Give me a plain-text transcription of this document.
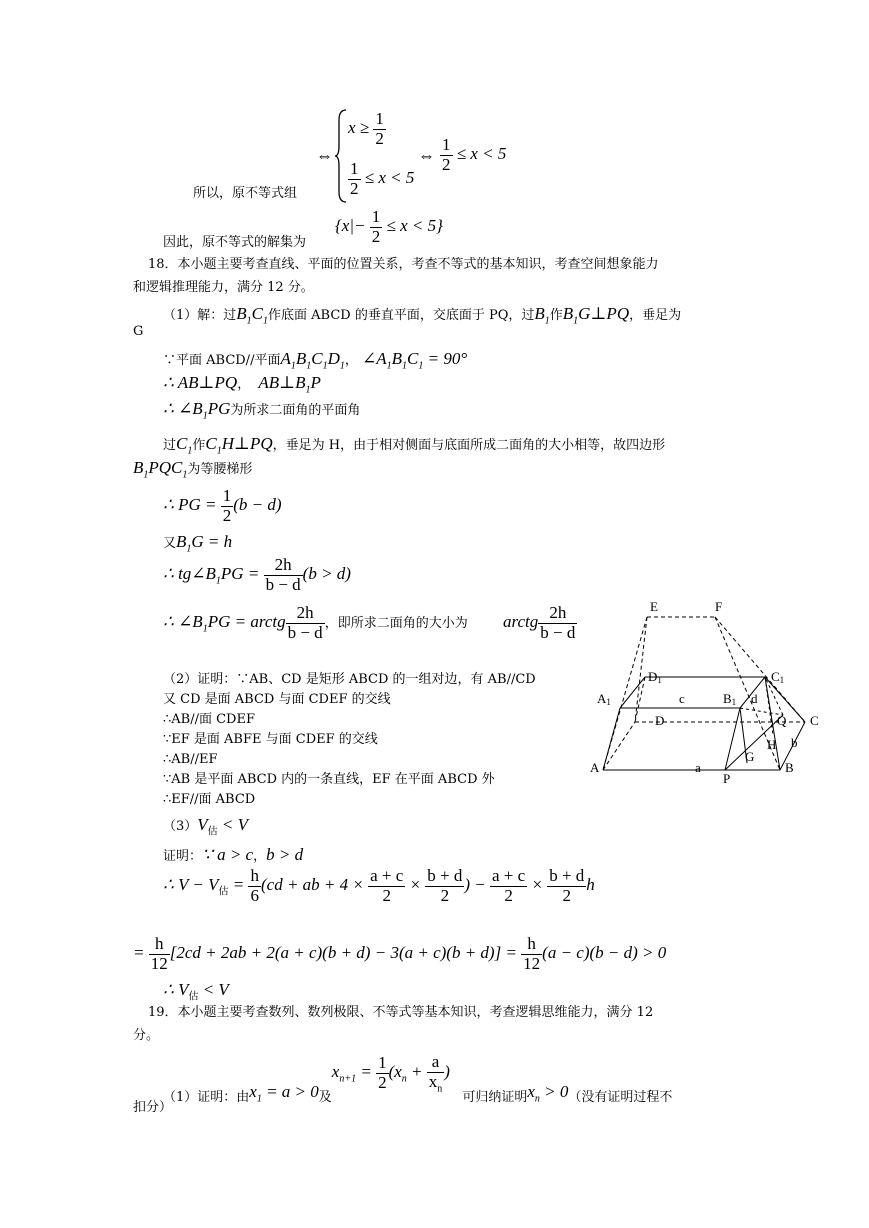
⇔
$x \ge \frac{1}{2}$
$\frac{1}{2} \le x < 5$
⇔ $\frac{1}{2} \le x < 5$
所以，原不等式组
$\{x|- \frac{1}{2} \le x < 5\}$
因此，原不等式的解集为
18．本小题主要考查直线、平面的位置关系，考查不等式的基本知识，考查空间想象能力
和逻辑推理能力，满分 12 分。
（1）解：过$B_1C_1$作底面 ABCD 的垂直平面，交底面于 PQ，过$B_1$作$B_1G\perp PQ$，垂足为
G
∵平面 ABCD//平面$A_1B_1C_1D_1$， $\angle A_1B_1C_1 = 90^\circ$
∴ AB⊥PQ，  $AB\perp B_1P$
∴ $\angle B_1PG$为所求二面角的平面角
过$C_1$作$C_1H\perp PQ$，垂足为 H，由于相对侧面与底面所成二面角的大小相等，故四边形
$B_1PQC_1$为等腰梯形
∴ PG = $\frac{1}{2} (b - d)$
又$B_1G = h$
∴ $tg\angle B_1PG = \frac{2h}{b - d} (b > d)$
∴ $\angle B_1PG$ = arctg $\frac{2h}{b - d}$ ，即所求二面角的大小为 arctg $\frac{2h}{b - d}$
（2）证明：∵AB、CD 是矩形 ABCD 的一组对边，有 AB//CD
又 CD 是面 ABCD 与面 CDEF 的交线
∴AB//面 CDEF
∵EF 是面 ABFE 与面 CDEF 的交线
∴AB//EF
∵AB 是平面 ABCD 内的一条直线，EF 在平面 ABCD 外
∴EF//面 ABCD
$(3)V_估 < V$
证明：∵ a > c，b > d
∴ $V - V_估 = \frac{h}{6} (cd$ + ab + $4 \times \frac{a + c}{2} \times \frac{b + d}{2}$ ) − $\frac{a + c}{2} \times \frac{b + d}{2}$ h
= $\frac{h}{12} [2cd + 2ab + 2(a + c)(b + d) - 3(a + c)(b + d)] = \frac{h}{12} (a - c)(b - d) > 0$
∴ $V_估 < V$
19．本小题主要考查数列、数列极限、不等式等基本知识，考查逻辑思维能力，满分 12
分。
（1）证明：由$x_1 = a > 0$及$x_{n+1} = \frac{1}{2} (x_n + \frac{a}{x_n}$ )   可归纳证明$x_n > 0$（没有证明过程不
扣分）
E	F
D1	C1
A1	c	B1 d
Q C
D
H b
G
A	a
P
B
